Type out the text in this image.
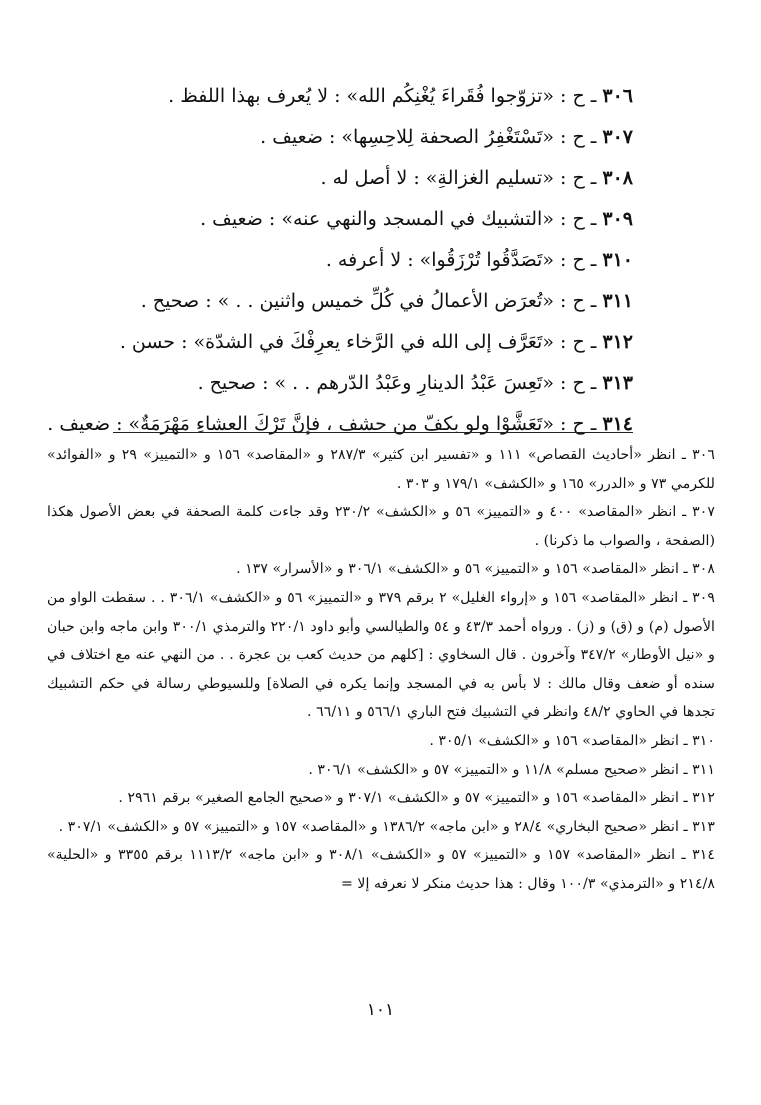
٣٠٦ ـ ح : «تزوّجوا فُقَراءَ يُغْنِكُم الله» : لا يُعرف بهذا اللفظ .
٣٠٧ ـ ح : «تَسْتَغْفِرُ الصحفة لِلاحِسِها» : ضعيف .
٣٠٨ ـ ح : «تسليم الغزالةِ» : لا أصل له .
٣٠٩ ـ ح : «التشبيك في المسجد والنهي عنه» : ضعيف .
٣١٠ ـ ح : «تَصَدَّقُوا تُرْزَقُوا» : لا أعرفه .
٣١١ ـ ح : «تُعرَض الأعمالُ في كُلِّ خميس واثنين . . » : صحيح .
٣١٢ ـ ح : «تَعَرَّف إلى الله في الرَّخاء يعرِفْكَ في الشدّة» : حسن .
٣١٣ ـ ح : «تَعِسَ عَبْدُ الدينارِ وعَبْدُ الدّرهم . . » : صحيح .
٣١٤ ـ ح : «تَعَشَّوْا ولو بكفّ من حشف ، فإنَّ تَرْكَ العشاءِ مَهْرَمَةٌ» : ضعيف .

٣٠٦ ـ انظر «أحاديث القصاص» ١١١ و «تفسير ابن كثير» ٢٨٧/٣ و «المقاصد» ١٥٦ و «التمييز» ٢٩ و «الفوائد» للكرمي ٧٣ و «الدرر» ١٦٥ و «الكشف» ١٧٩/١ و ٣٠٣ .

٣٠٧ ـ انظر «المقاصد» ٤٠٠ و «التمييز» ٥٦ و «الكشف» ٢٣٠/٢ وقد جاءت كلمة الصحفة في بعض الأصول هكذا (الصفحة ، والصواب ما ذكرنا) .

٣٠٨ ـ انظر «المقاصد» ١٥٦ و «التمييز» ٥٦ و «الكشف» ٣٠٦/١ و «الأسرار» ١٣٧ .

٣٠٩ ـ انظر «المقاصد» ١٥٦ و «إرواء الغليل» ٢ برقم ٣٧٩ و «التمييز» ٥٦ و «الكشف» ٣٠٦/١ . . سقطت الواو من الأصول (م) و (ق) و (ز) . ورواه أحمد ٤٣/٣ و ٥٤ والطيالسي وأبو داود ٢٢٠/١ والترمذي ٣٠٠/١ وابن ماجه وابن حبان و «نيل الأوطار» ٣٤٧/٢ وآخرون . قال السخاوي : [كلهم من حديث كعب بن عجرة . . من النهي عنه مع اختلاف في سنده أو ضعف وقال مالك : لا بأس به في المسجد وإنما يكره في الصلاة] وللسيوطي رسالة في حكم التشبيك تجدها في الحاوي ٤٨/٢ وانظر في التشبيك فتح الباري ٥٦٦/١ و ٦٦/١١ .

٣١٠ ـ انظر «المقاصد» ١٥٦ و «الكشف» ٣٠٥/١ .

٣١١ ـ انظر «صحيح مسلم» ١١/٨ و «التمييز» ٥٧ و «الكشف» ٣٠٦/١ .

٣١٢ ـ انظر «المقاصد» ١٥٦ و «التمييز» ٥٧ و «الكشف» ٣٠٧/١ و «صحيح الجامع الصغير» برقم ٢٩٦١ .

٣١٣ ـ انظر «صحيح البخاري» ٢٨/٤ و «ابن ماجه» ١٣٨٦/٢ و «المقاصد» ١٥٧ و «التمييز» ٥٧ و «الكشف» ٣٠٧/١ .

٣١٤ ـ انظر «المقاصد» ١٥٧ و «التمييز» ٥٧ و «الكشف» ٣٠٨/١ و «ابن ماجه» ١١١٣/٢ برقم ٣٣٥٥ و «الحلية» ٢١٤/٨ و «الترمذي» ١٠٠/٣ وقال : هذا حديث منكر لا نعرفه إلا =

١٠١
